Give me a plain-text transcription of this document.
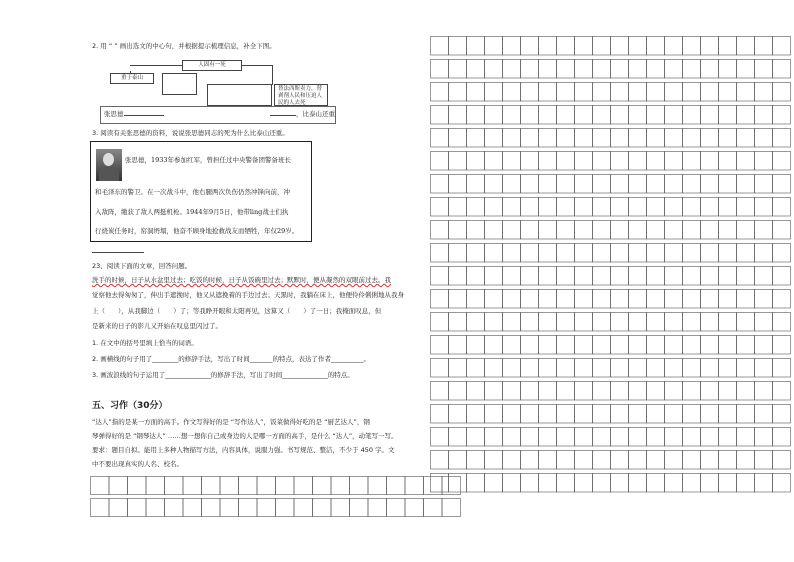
2. 用 “ ” 画出选文的中心句，并根据提示梳理信息，补全下图。
人固有一死
重于泰山
替法西斯卖力，替剥削人民和压迫人民的人去死
张思德	，比泰山还重
3. 阅读有关张思德的资料，说说张思德同志的死为什么比泰山还重。
张思德，1933年参加红军，曾担任过中央警备团警备班长
和毛泽东的警卫。在一次战斗中，他右腿两次负伤仍然冲锋向前，冲
入敌阵，缴获了敌人两挺机枪。1944年9月5日，他带ling战士们执
行烧炭任务时，窑洞坍塌，他奋不顾身地抢救战友而牺牲，年仅29岁。
23、阅读下面的文章，回答问题。
洗手的时候，日子从水盆里过去；吃饭的时候，日子从饭碗里过去；默默时，便从凝然的双眼前过去。我
觉察他去得匆匆了，伸出手遮挽时，他又从遮挽着的手边过去；天黑时，我躺在床上，他便伶伶俐俐地从我身
上（　　），从我脚边（　　）了；等我睁开眼和太阳再见，这算又（　　）了一日；我掩面叹息，但
是新来的日子的影儿又开始在叹息里闪过了。
1. 在文中的括号里填上恰当的词语。
2. 画横线的句子用了________的修辞手法，写出了时间_______的特点，表达了作者__________。
3. 画波浪线的句子运用了______________的修辞手法，写出了时间______________的特点。
五、习作（30分）
“达人”指的是某一方面的高手。作文写得好的是 “写作达人”，饭菜做得好吃的是 “厨艺达人”，钢
琴弹得好的是 “钢琴达人” ……想一想你自己或身边的人是哪一方面的高手，是什么 “达人”，动笔写一写。
要求：题目自拟。能用上多种人物描写方法，内容具体，说服力强。书写规范、整洁，不少于 450 字。文
中不要出现真实的人名、校名。
